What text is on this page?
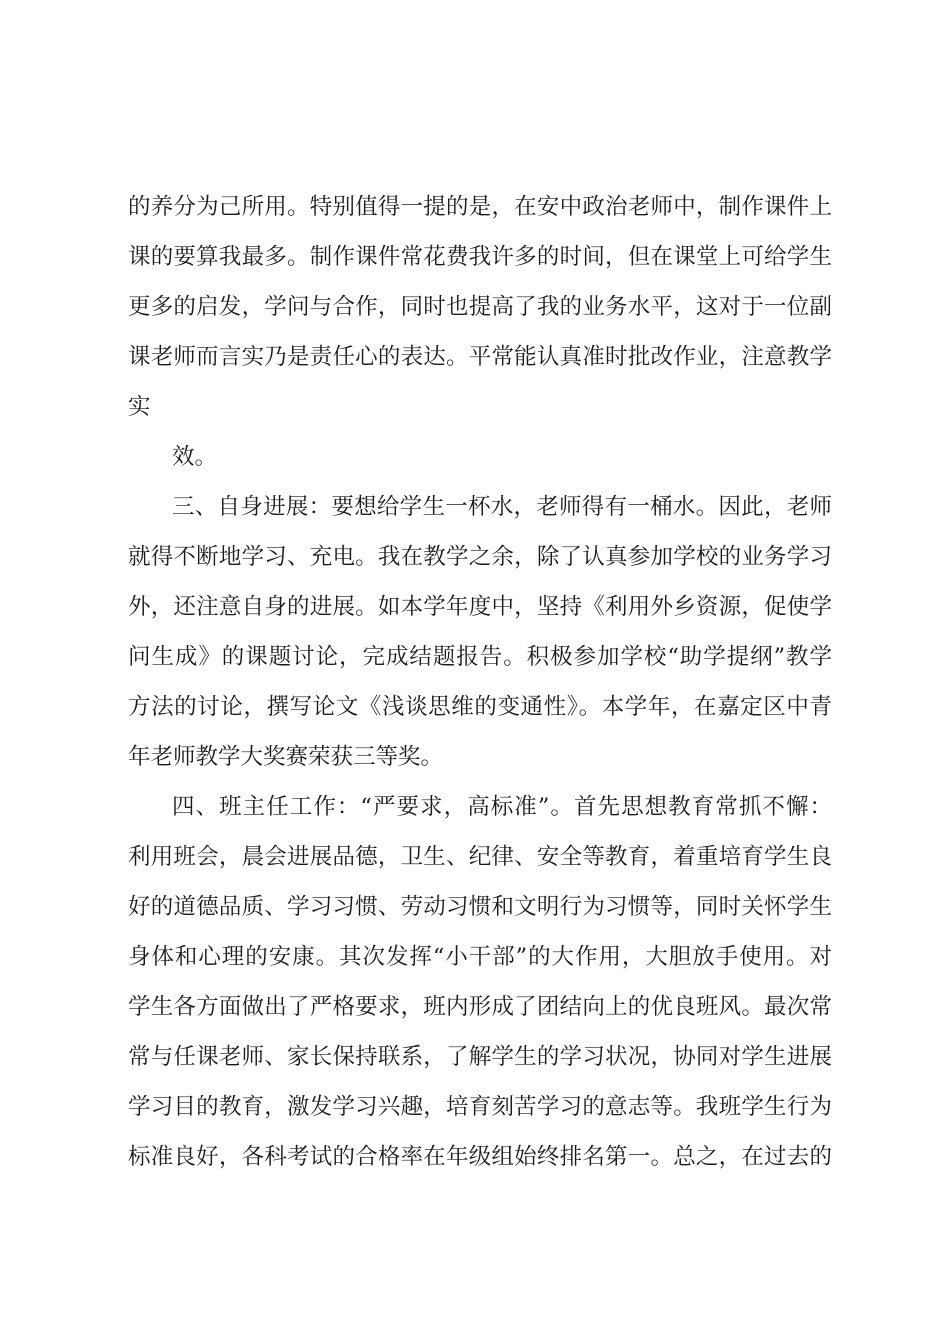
的养分为己所用。特别值得一提的是，在安中政治老师中，制作课件上
课的要算我最多。制作课件常花费我许多的时间，但在课堂上可给学生
更多的启发，学问与合作，同时也提高了我的业务水平，这对于一位副
课老师而言实乃是责任心的表达。平常能认真准时批改作业，注意教学
实
效。
三、自身进展：要想给学生一杯水，老师得有一桶水。因此，老师
就得不断地学习、充电。我在教学之余，除了认真参加学校的业务学习
外，还注意自身的进展。如本学年度中，坚持《利用外乡资源，促使学
问生成》的课题讨论，完成结题报告。积极参加学校“助学提纲”教学
方法的讨论，撰写论文《浅谈思维的变通性》。本学年，在嘉定区中青
年老师教学大奖赛荣获三等奖。
四、班主任工作：“严要求，高标准”。首先思想教育常抓不懈：
利用班会，晨会进展品德，卫生、纪律、安全等教育，着重培育学生良
好的道德品质、学习习惯、劳动习惯和文明行为习惯等，同时关怀学生
身体和心理的安康。其次发挥“小干部”的大作用，大胆放手使用。对
学生各方面做出了严格要求，班内形成了团结向上的优良班风。最次常
常与任课老师、家长保持联系，了解学生的学习状况，协同对学生进展
学习目的教育，激发学习兴趣，培育刻苦学习的意志等。我班学生行为
标准良好，各科考试的合格率在年级组始终排名第一。总之，在过去的
